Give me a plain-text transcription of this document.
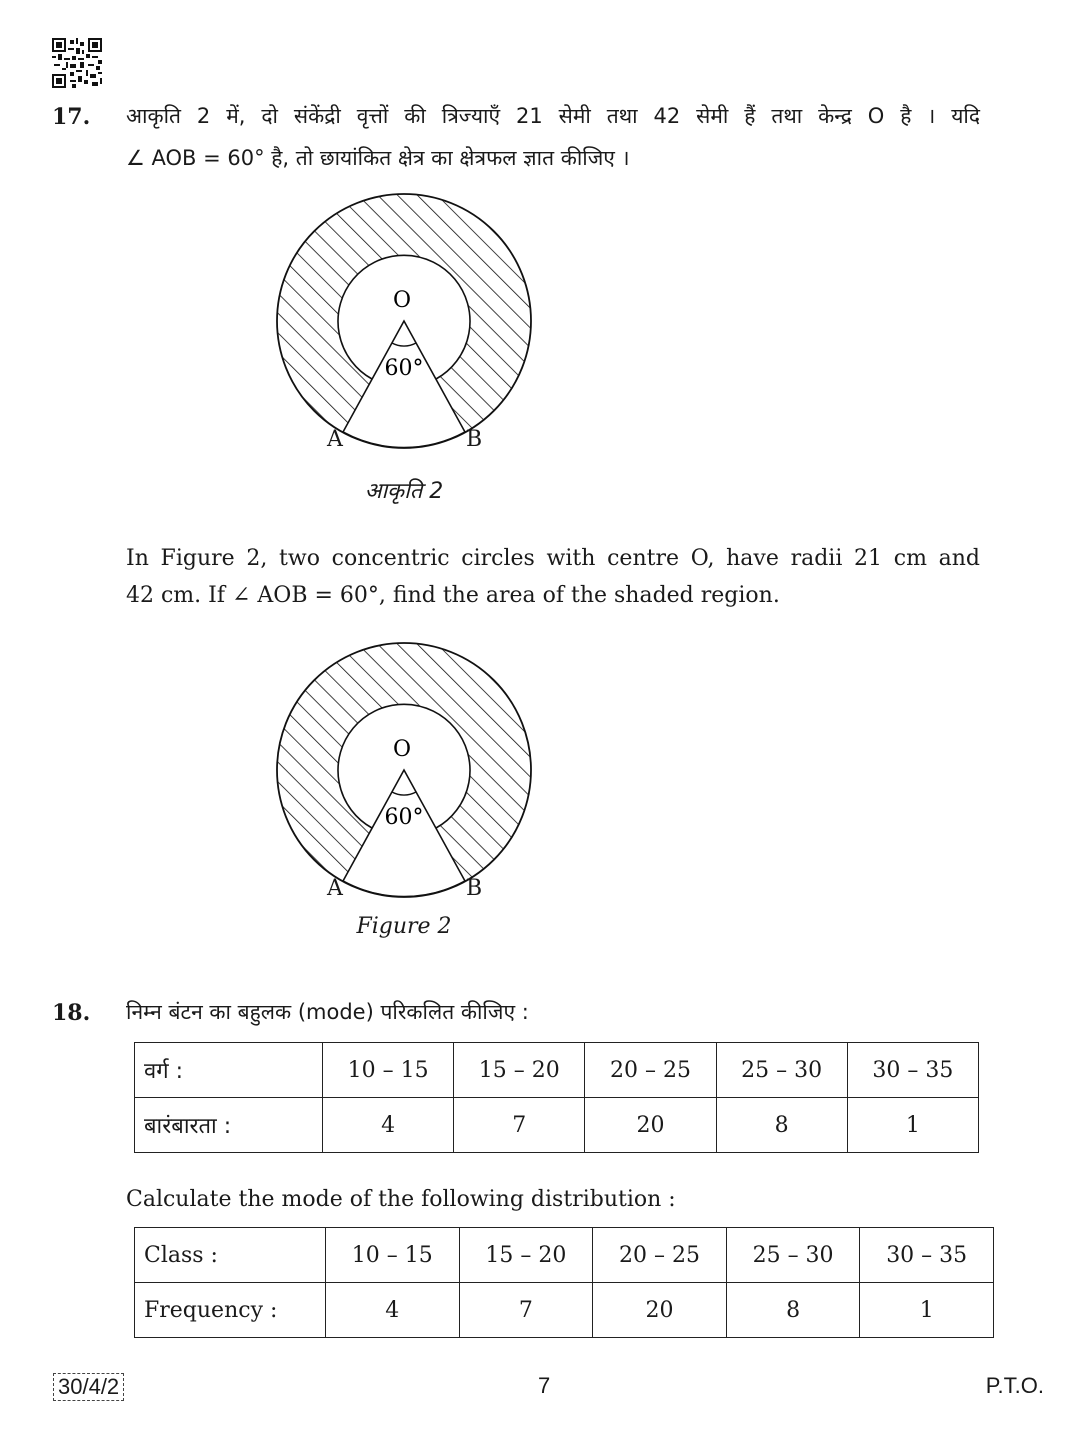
17. आकृति 2 में, दो संकेंद्री वृत्तों की त्रिज्याएँ 21 सेमी तथा 42 सेमी हैं तथा केन्द्र O है । यदि
∠ AOB = 60° है, तो छायांकित क्षेत्र का क्षेत्रफल ज्ञात कीजिए ।
O
60°
A	B
आकृति 2
In Figure 2, two concentric circles with centre O, have radii 21 cm and
42 cm. If ∠ AOB = 60°, find the area of the shaded region.
O
60°
A	B
Figure 2
18. निम्न बंटन का बहुलक (mode) परिकलित कीजिए :
वर्ग :	10 – 15	15 – 20	20 – 25	25 – 30	30 – 35
बारंबारता :	4	7	20	8	1
Calculate the mode of the following distribution :
Class :	10 – 15	15 – 20	20 – 25	25 – 30	30 – 35
Frequency :	4	7	20	8	1
30/4/2	7	P.T.O.
